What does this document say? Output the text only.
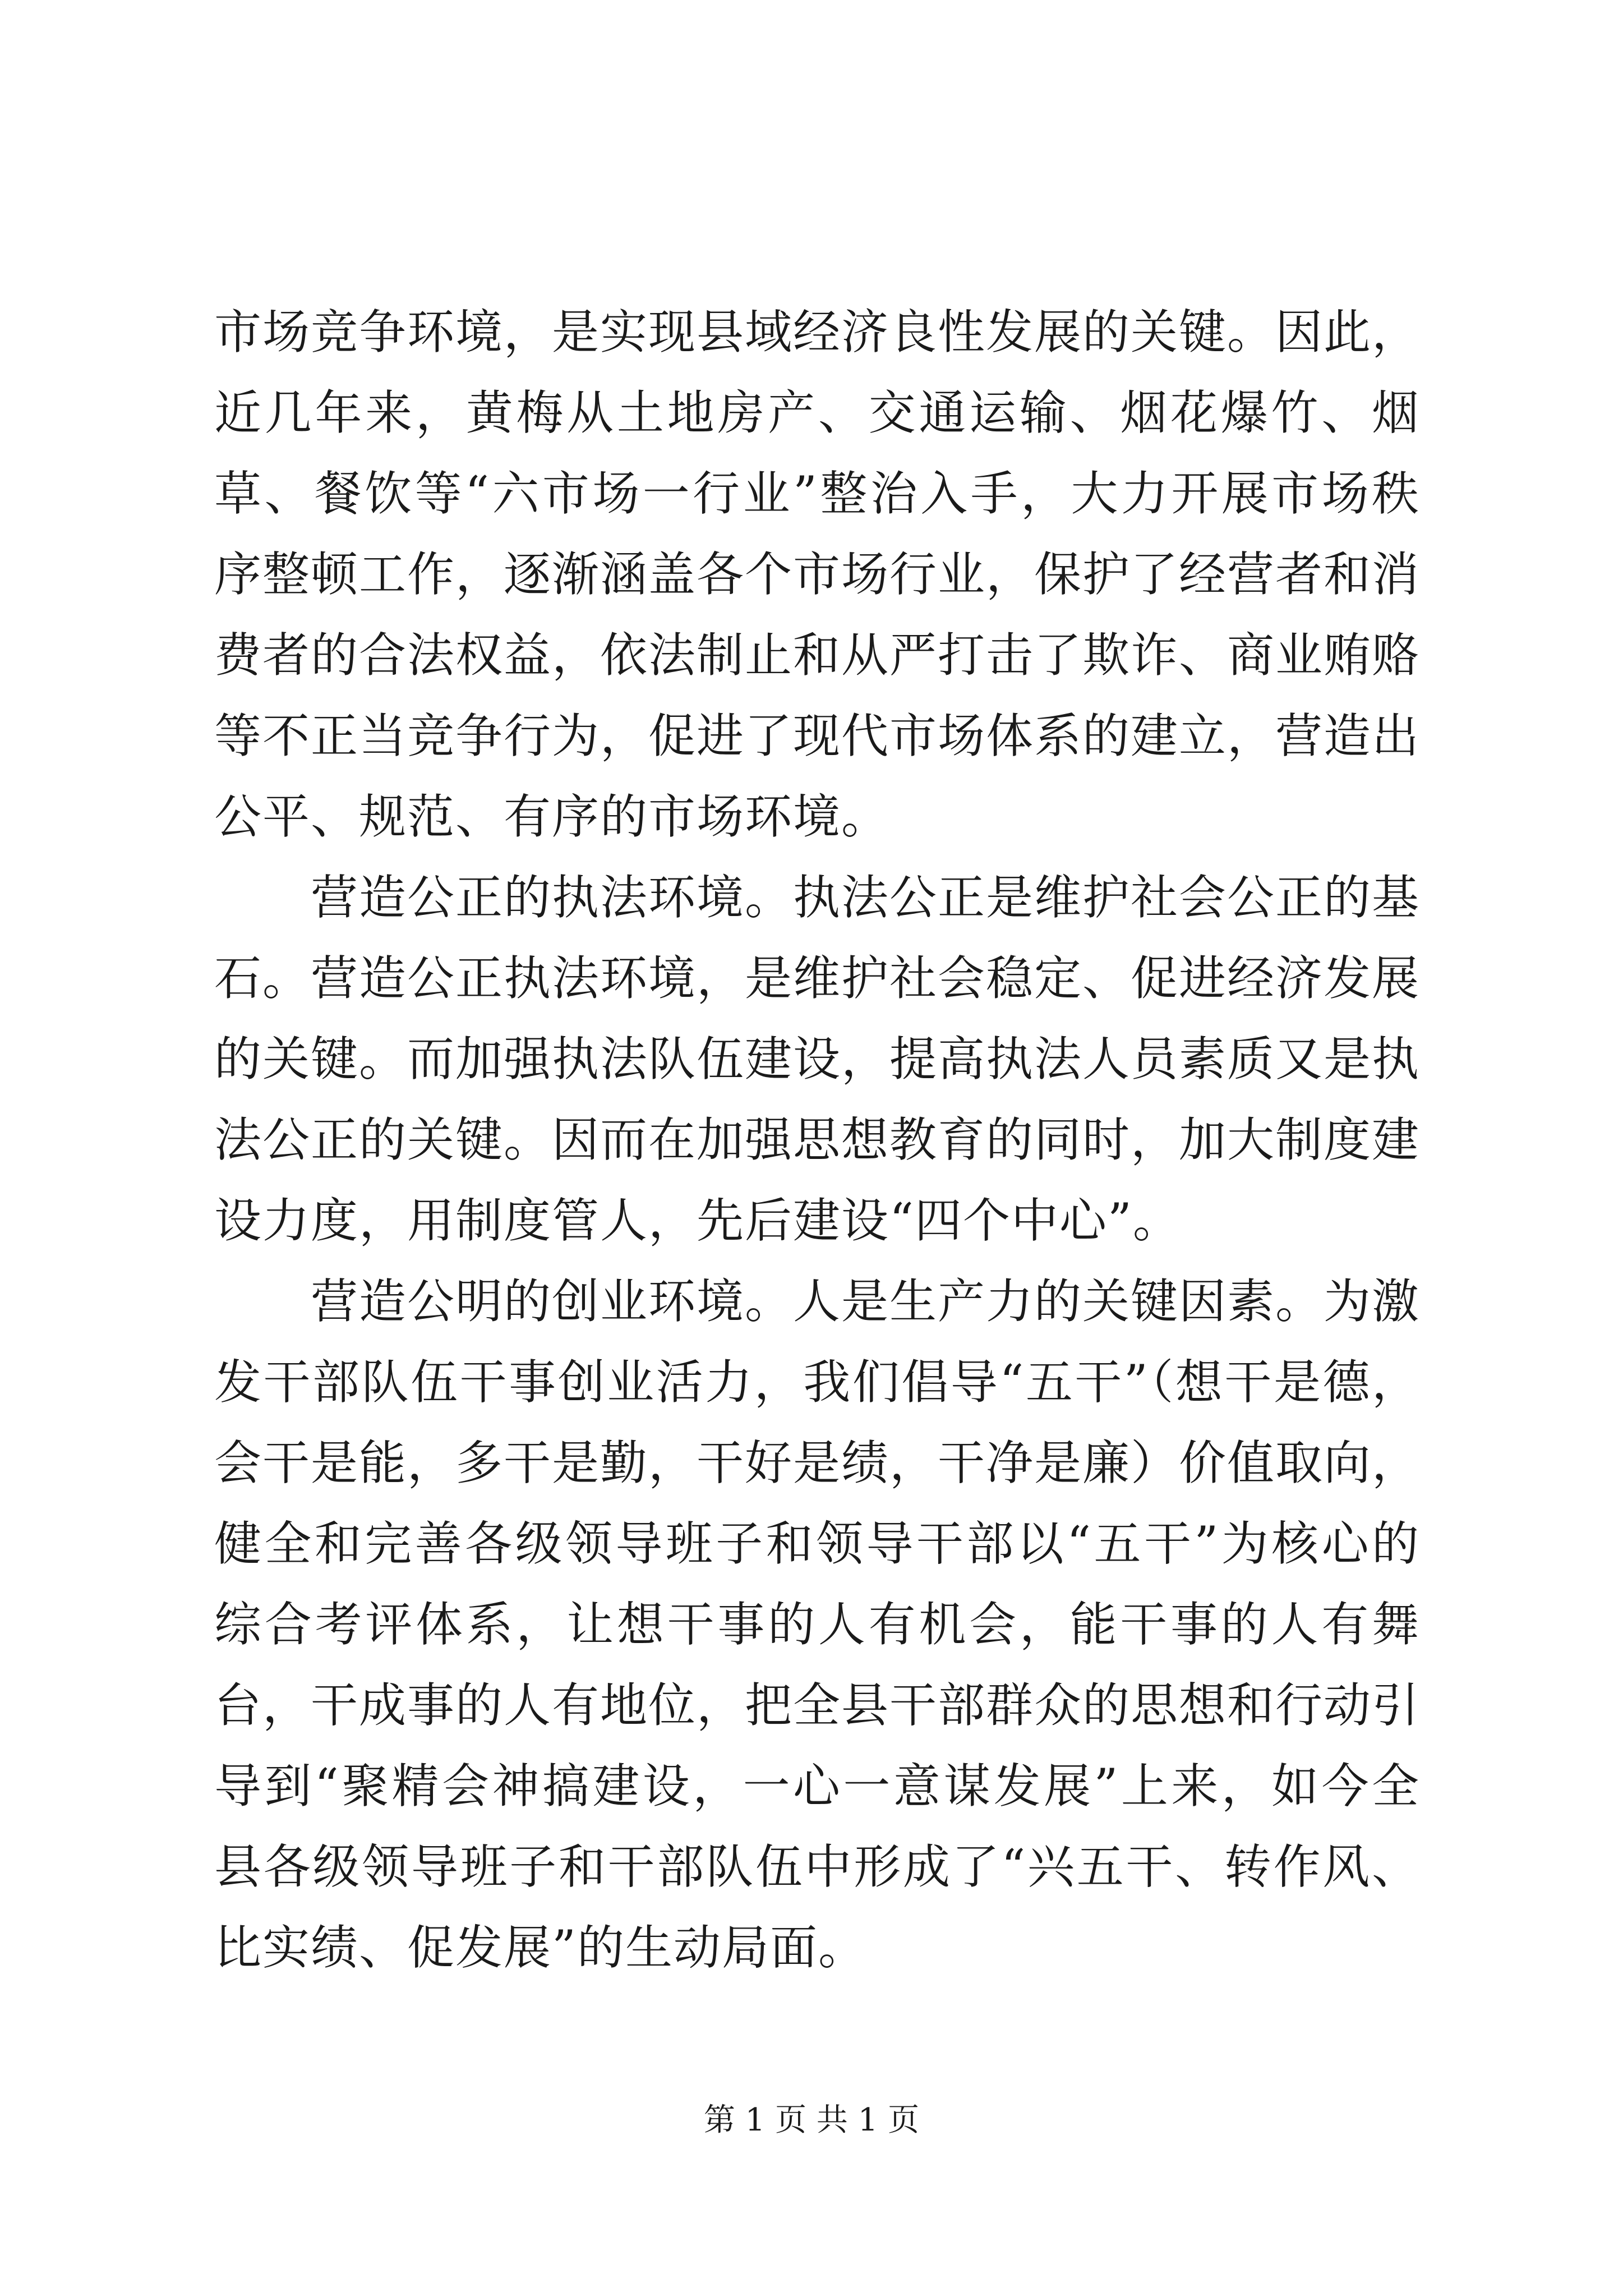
市场竞争环境，是实现县域经济良性发展的关键。因此，近几年来，黄梅从土地房产、交通运输、烟花爆竹、烟草、餐饮等“六市场一行业”整治入手，大力开展市场秩序整顿工作，逐渐涵盖各个市场行业，保护了经营者和消费者的合法权益，依法制止和从严打击了欺诈、商业贿赂等不正当竞争行为，促进了现代市场体系的建立，营造出公平、规范、有序的市场环境。

营造公正的执法环境。执法公正是维护社会公正的基石。营造公正执法环境，是维护社会稳定、促进经济发展的关键。而加强执法队伍建设，提高执法人员素质又是执法公正的关键。因而在加强思想教育的同时，加大制度建设力度，用制度管人，先后建设“四个中心”。

营造公明的创业环境。人是生产力的关键因素。为激发干部队伍干事创业活力，我们倡导“五干”（想干是德，会干是能，多干是勤，干好是绩，干净是廉）价值取向，健全和完善各级领导班子和领导干部以“五干”为核心的综合考评体系，让想干事的人有机会，能干事的人有舞台，干成事的人有地位，把全县干部群众的思想和行动引导到“聚精会神搞建设，一心一意谋发展”上来，如今全县各级领导班子和干部队伍中形成了“兴五干、转作风、比实绩、促发展”的生动局面。

第 1 页 共 1 页
